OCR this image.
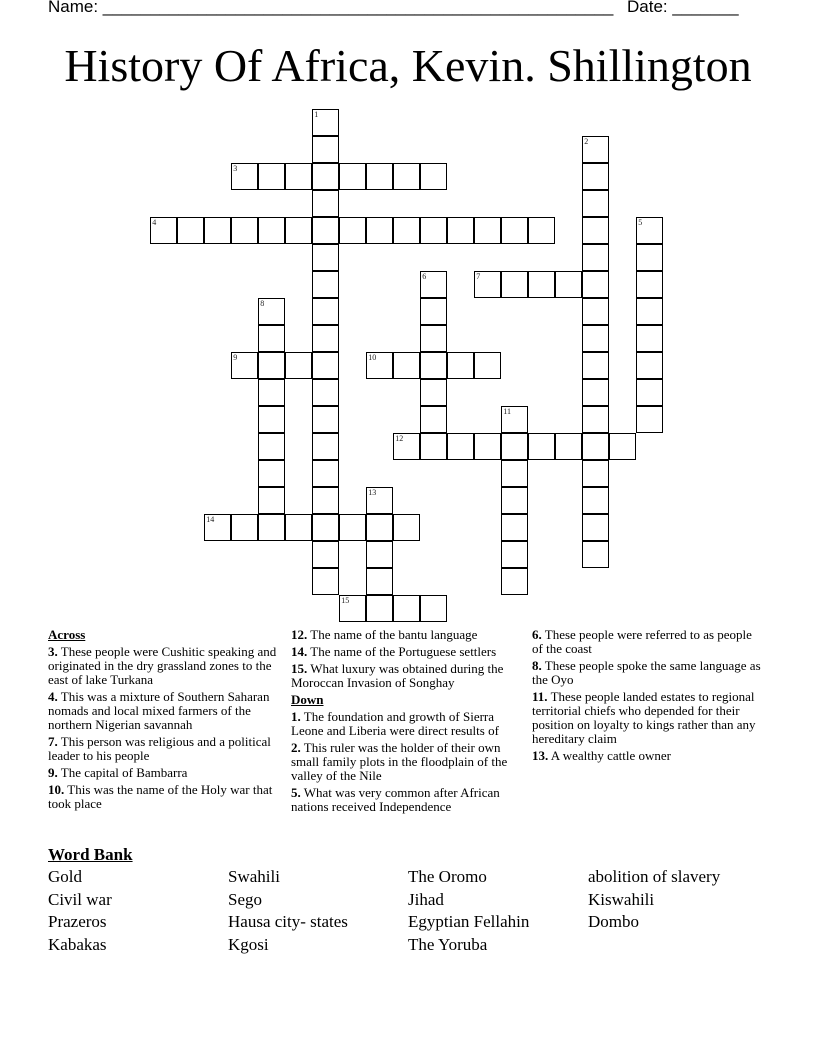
Name: ______________________________________________________ Date: _______
History Of Africa, Kevin. Shillington
1
2
3
4	5
6	7
8
9	10
11
12
13
14
15
Across
3. These people were Cushitic speaking and originated in the dry grassland zones to the east of lake Turkana
4. This was a mixture of Southern Saharan nomads and local mixed farmers of the northern Nigerian savannah
7. This person was religious and a political leader to his people
9. The capital of Bambarra
10. This was the name of the Holy war that took place
12. The name of the bantu language
14. The name of the Portuguese settlers
15. What luxury was obtained during the Moroccan Invasion of Songhay
Down
1. The foundation and growth of Sierra Leone and Liberia were direct results of
2. This ruler was the holder of their own small family plots in the floodplain of the valley of the Nile
5. What was very common after African nations received Independence
6. These people were referred to as people of the coast
8. These people spoke the same language as the Oyo
11. These people landed estates to regional territorial chiefs who depended for their position on loyalty to kings rather than any hereditary claim
13. A wealthy cattle owner
Word Bank
Gold	Swahili	The Oromo	abolition of slavery
Civil war	Sego	Jihad	Kiswahili
Prazeros	Hausa city- states	Egyptian Fellahin	Dombo
Kabakas	Kgosi	The Yoruba
